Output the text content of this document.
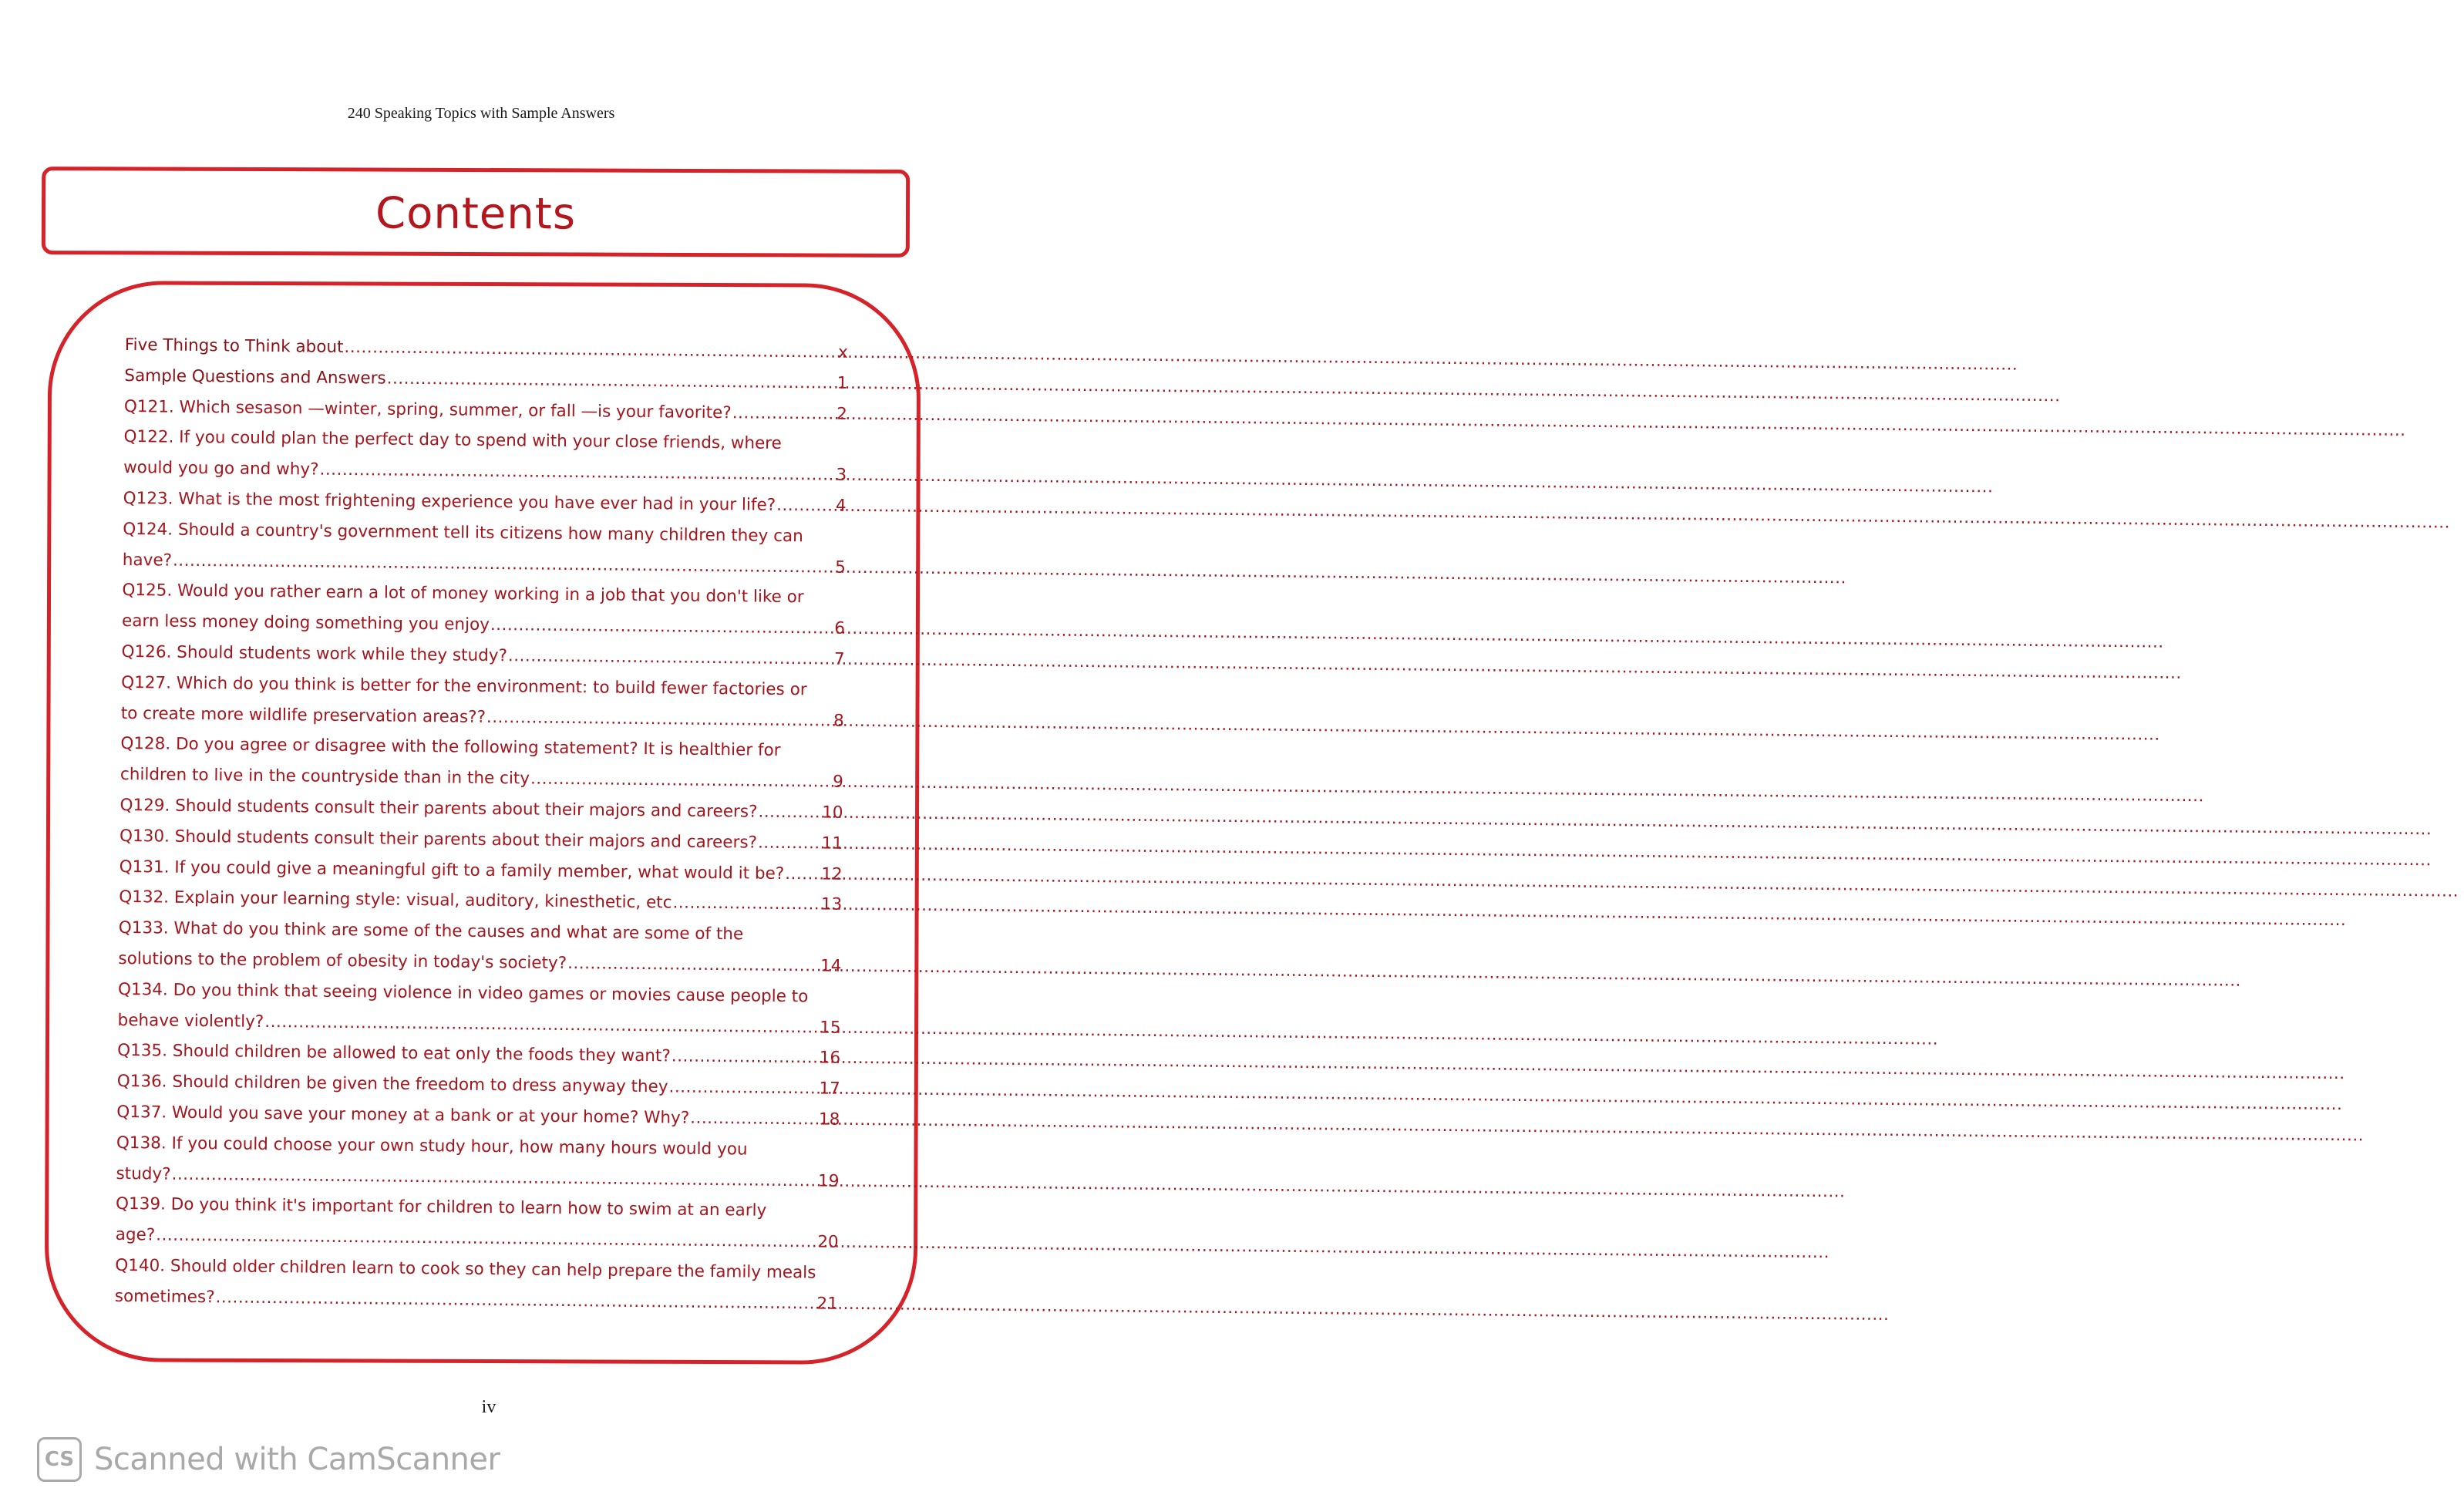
240 Speaking Topics with Sample Answers
Contents
Five Things to Think about .....	x
Sample Questions and Answers .....	1
Q121. Which sesason —winter, spring, summer, or fall —is your favorite? .....	2
Q122. If you could plan the perfect day to spend with your close friends, where
would you go and why? .....	3
Q123. What is the most frightening experience you have ever had in your life? .....	4
Q124. Should a country's government tell its citizens how many children they can
have? .....	5
Q125. Would you rather earn a lot of money working in a job that you don't like or
earn less money doing something you enjoy .....	6
Q126. Should students work while they study? .....	7
Q127. Which do you think is better for the environment: to build fewer factories or
to create more wildlife preservation areas?? .....	8
Q128. Do you agree or disagree with the following statement? It is healthier for
children to live in the countryside than in the city .....	9
Q129. Should students consult their parents about their majors and careers? .....	10
Q130. Should students consult their parents about their majors and careers? .....	11
Q131. If you could give a meaningful gift to a family member, what would it be? ..... 12
Q132. Explain your learning style: visual, auditory, kinesthetic, etc .....	13
Q133. What do you think are some of the causes and what are some of the
solutions to the problem of obesity in today's society? .....	14
Q134. Do you think that seeing violence in video games or movies cause people to
behave violently? .....	15
Q135. Should children be allowed to eat only the foods they want? .....	16
Q136. Should children be given the freedom to dress anyway they .....	17
Q137. Would you save your money at a bank or at your home? Why? .....	18
Q138. If you could choose your own study hour, how many hours would you
study? .....	19
Q139. Do you think it's important for children to learn how to swim at an early
age? .....	20
Q140. Should older children learn to cook so they can help prepare the family meals
sometimes? .....	21
iv
CS Scanned with CamScanner
